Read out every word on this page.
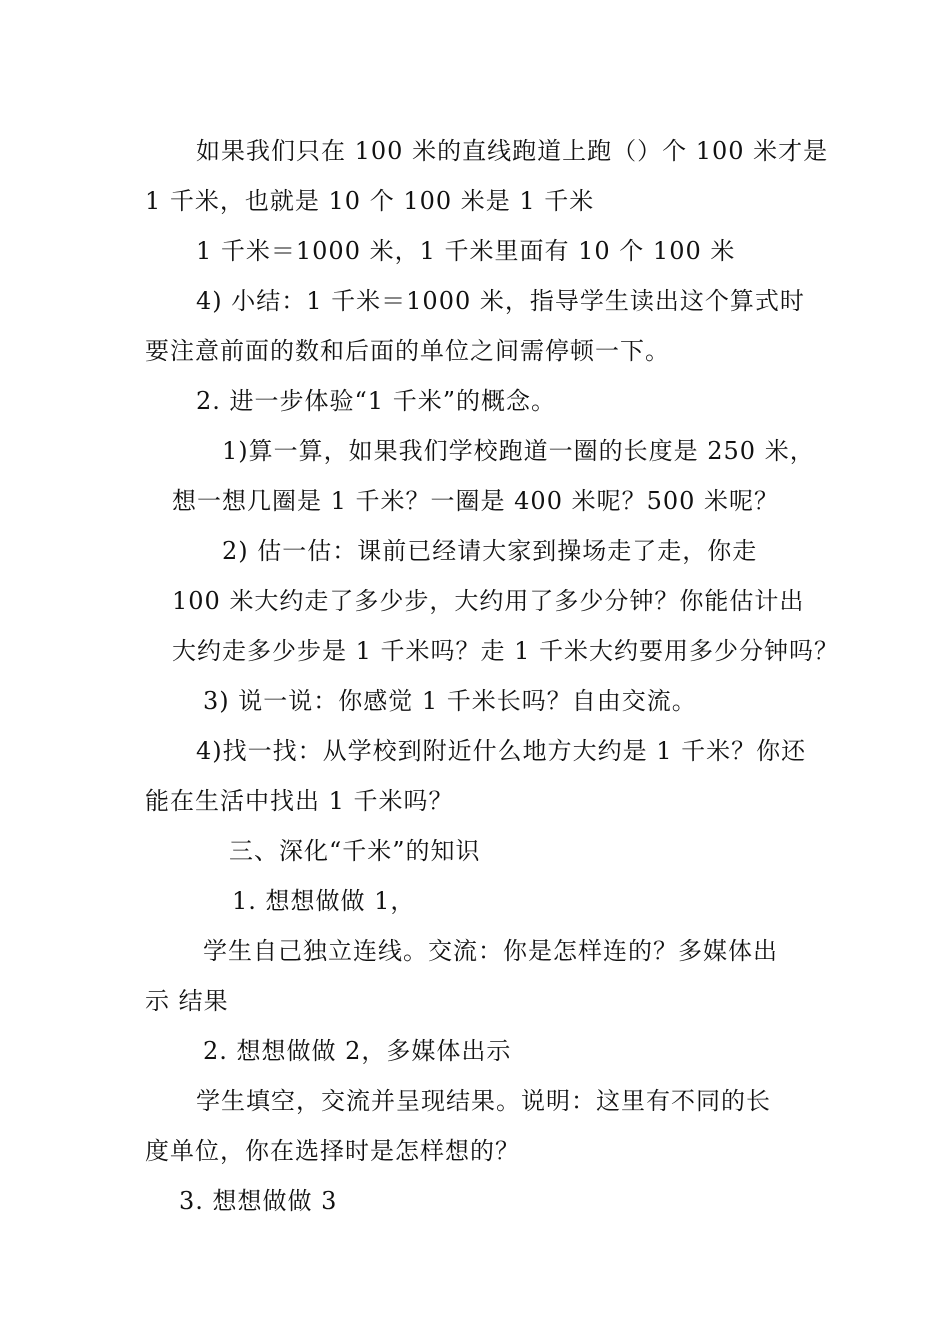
如果我们只在 100 米的直线跑道上跑（）个 100 米才是
1 千米，也就是 10 个 100 米是 1 千米
1 千米＝1000 米，1 千米里面有 10 个 100 米
4) 小结：1 千米＝1000 米，指导学生读出这个算式时
要注意前面的数和后面的单位之间需停顿一下。
2. 进一步体验“1 千米”的概念。
1)算一算，如果我们学校跑道一圈的长度是 250 米，
想一想几圈是 1 千米？一圈是 400 米呢？500 米呢？
2) 估一估：课前已经请大家到操场走了走，你走
100 米大约走了多少步，大约用了多少分钟？你能估计出
大约走多少步是 1 千米吗？走 1 千米大约要用多少分钟吗？
3) 说一说：你感觉 1 千米长吗？自由交流。
4)找一找：从学校到附近什么地方大约是 1 千米？你还
能在生活中找出 1 千米吗？
三、深化“千米”的知识
1. 想想做做 1，
学生自己独立连线。交流：你是怎样连的？多媒体出
示 结果
2. 想想做做 2，多媒体出示
学生填空，交流并呈现结果。说明：这里有不同的长
度单位，你在选择时是怎样想的？
3. 想想做做 3
